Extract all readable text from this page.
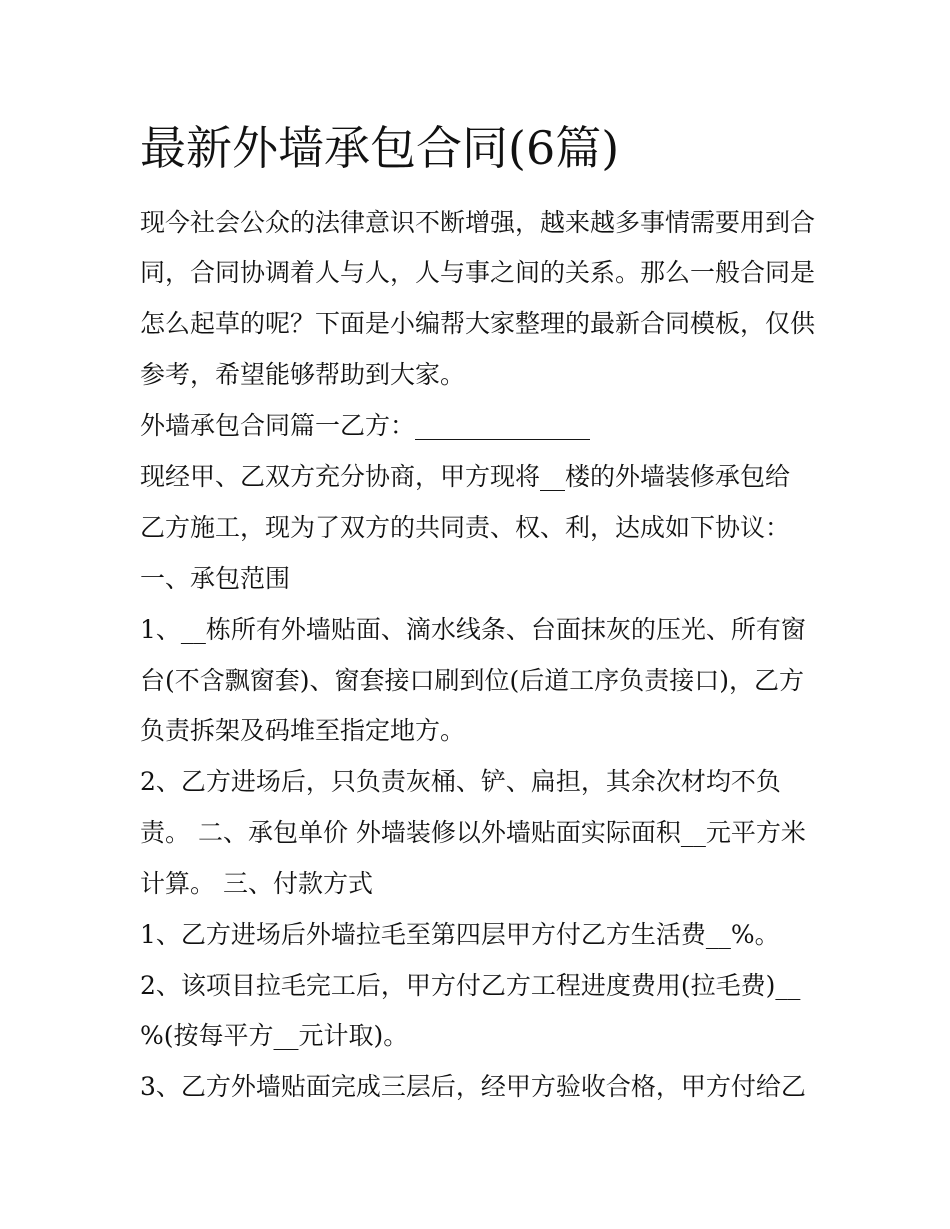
最新外墙承包合同(6篇)

现今社会公众的法律意识不断增强，越来越多事情需要用到合

同，合同协调着人与人，人与事之间的关系。那么一般合同是

怎么起草的呢？下面是小编帮大家整理的最新合同模板，仅供

参考，希望能够帮助到大家。

外墙承包合同篇一乙方：______________

现经甲、乙双方充分协商，甲方现将__楼的外墙装修承包给

乙方施工，现为了双方的共同责、权、利，达成如下协议：

一、承包范围

1、__栋所有外墙贴面、滴水线条、台面抹灰的压光、所有窗

台(不含飘窗套)、窗套接口刷到位(后道工序负责接口)，乙方

负责拆架及码堆至指定地方。

2、乙方进场后，只负责灰桶、铲、扁担，其余次材均不负

责。 二、承包单价 外墙装修以外墙贴面实际面积__元平方米

计算。 三、付款方式

1、乙方进场后外墙拉毛至第四层甲方付乙方生活费__%。

2、该项目拉毛完工后，甲方付乙方工程进度费用(拉毛费)__

%(按每平方__元计取)。

3、乙方外墙贴面完成三层后，经甲方验收合格，甲方付给乙
